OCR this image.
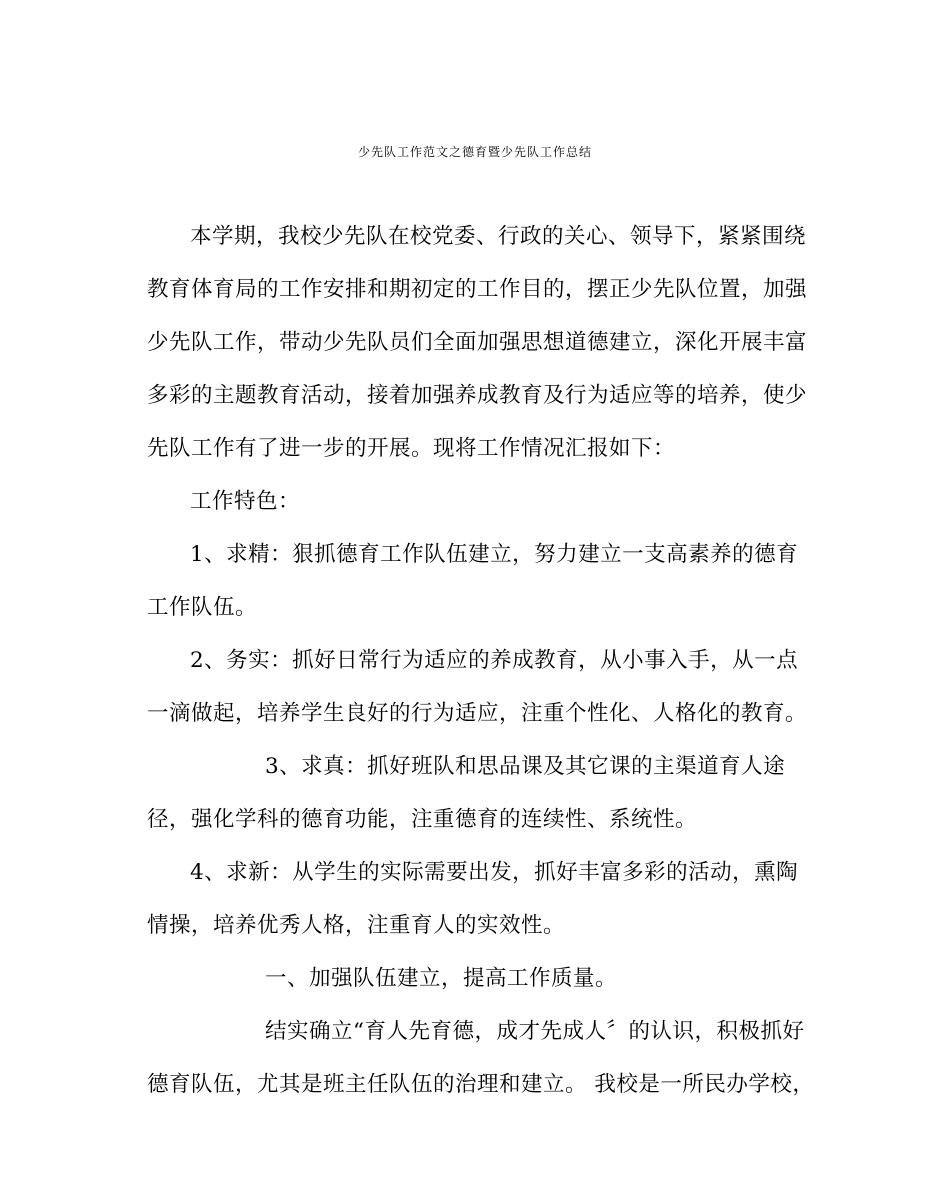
少先队工作范文之德育暨少先队工作总结
本学期，我校少先队在校党委、行政的关心、领导下，紧紧围绕
教育体育局的工作安排和期初定的工作目的，摆正少先队位置，加强
少先队工作，带动少先队员们全面加强思想道德建立，深化开展丰富
多彩的主题教育活动，接着加强养成教育及行为适应等的培养，使少
先队工作有了进一步的开展。现将工作情况汇报如下：
工作特色：
1、求精：狠抓德育工作队伍建立，努力建立一支高素养的德育
工作队伍。
2、务实：抓好日常行为适应的养成教育，从小事入手，从一点
一滴做起，培养学生良好的行为适应，注重个性化、人格化的教育。
3、求真：抓好班队和思品课及其它课的主渠道育人途
径，强化学科的德育功能，注重德育的连续性、系统性。
4、求新：从学生的实际需要出发，抓好丰富多彩的活动，熏陶
情操，培养优秀人格，注重育人的实效性。
一、加强队伍建立，提高工作质量。
结实确立“育人先育德，成才先成人〞的认识，积极抓好
德育队伍，尤其是班主任队伍的治理和建立。 我校是一所民办学校，
